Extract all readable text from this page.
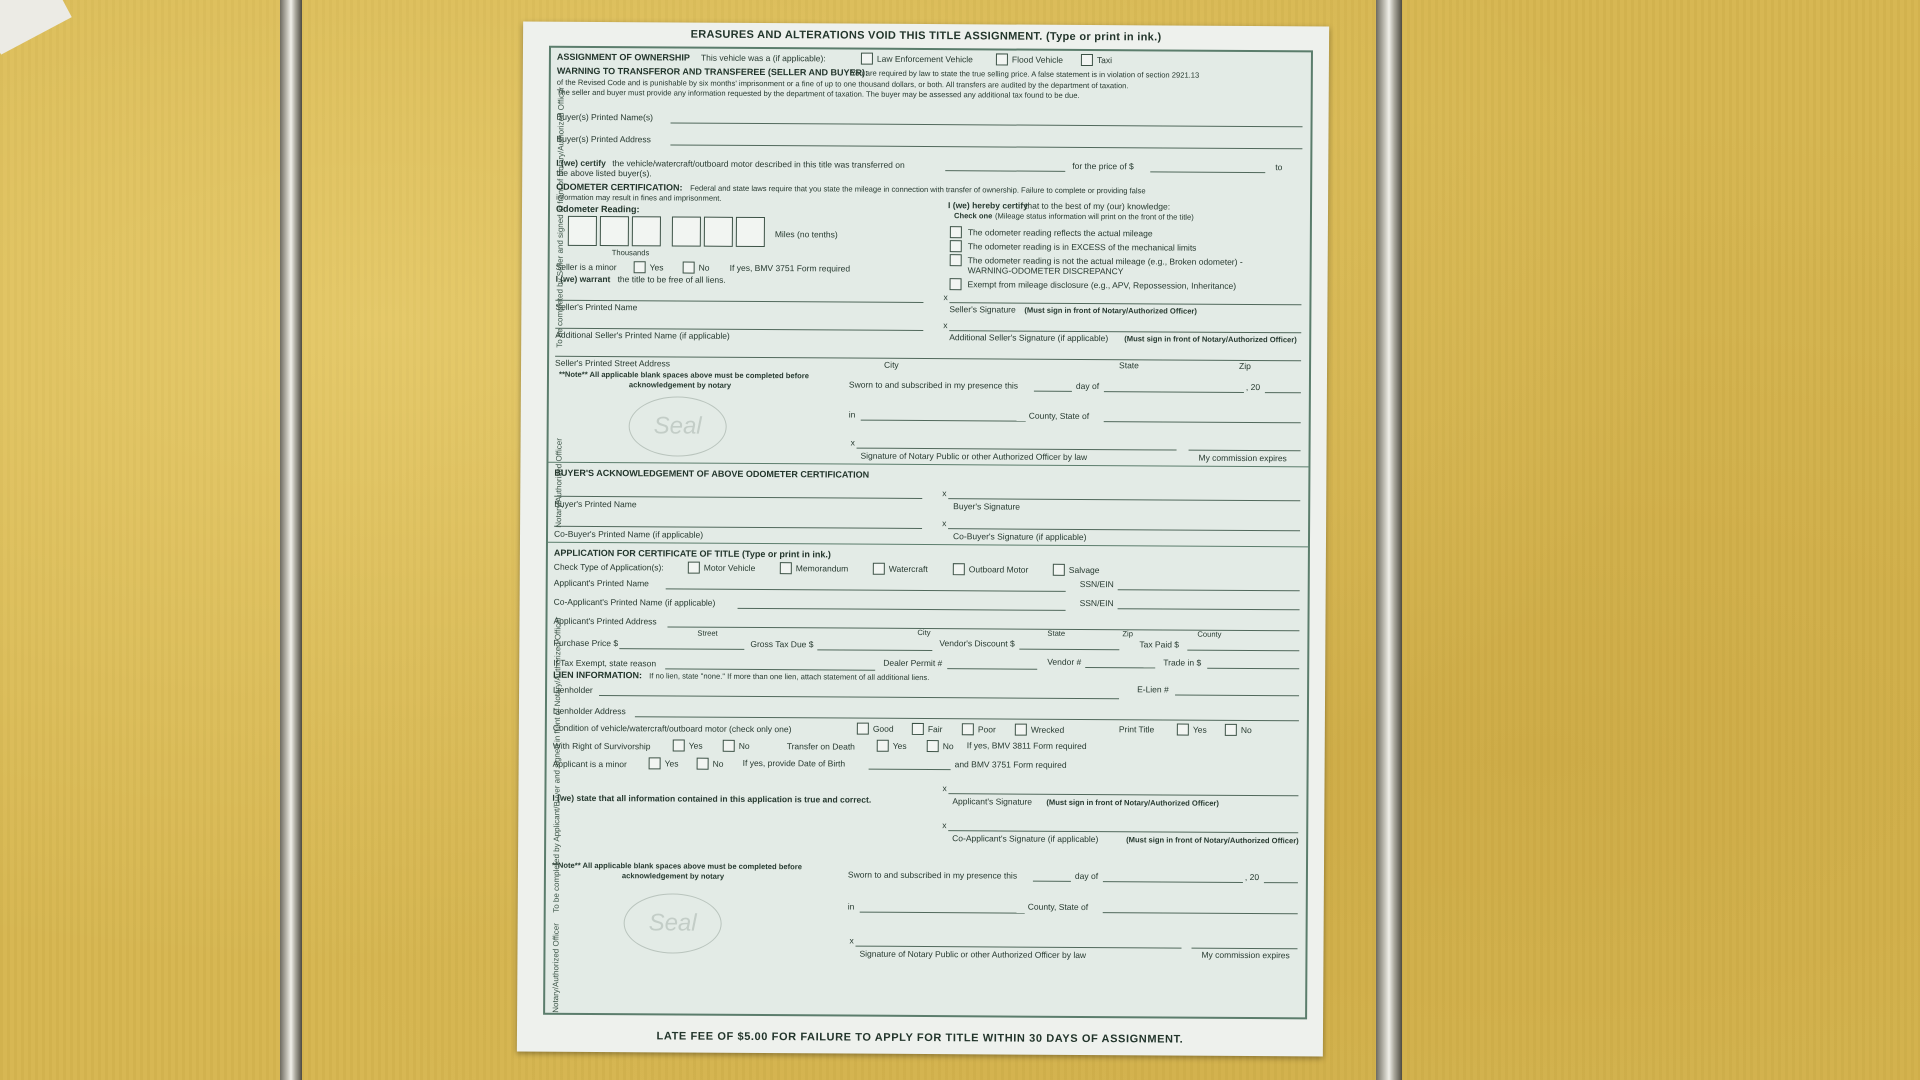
ERASURES AND ALTERATIONS VOID THIS TITLE ASSIGNMENT. (Type or print in ink.)
To be completed by Seller and signed in front of Notary/Authorized Officer
Notary/Authorized Officer
To be completed by Applicant/Buyer and signed in front of Notary/Authorized Officer
Notary/Authorized Officer
ASSIGNMENT OF OWNERSHIP This vehicle was a (if applicable):	Law Enforcement Vehicle	Flood Vehicle	Taxi
WARNING TO TRANSFEROR AND TRANSFEREE (SELLER AND BUYER):
You are required by law to state the true selling price. A false statement is in violation of section 2921.13
of the Revised Code and is punishable by six months' imprisonment or a fine of up to one thousand dollars, or both. All transfers are audited by the department of taxation.
The seller and buyer must provide any information requested by the department of taxation. The buyer may be assessed any additional tax found to be due.
Buyer(s) Printed Name(s)
Buyer(s) Printed Address
I (we) certify the vehicle/watercraft/outboard motor described in this title was transferred on	for the price of $	to
the above listed buyer(s).
ODOMETER CERTIFICATION: Federal and state laws require that you state the mileage in connection with transfer of ownership. Failure to complete or providing false
information may result in fines and imprisonment.
Odometer Reading:
Miles (no tenths)
Thousands
I (we) hereby certify
that to the best of my (our) knowledge:
Check one (Mileage status information will print on the front of the title)
The odometer reading reflects the actual mileage
The odometer reading is in EXCESS of the mechanical limits
The odometer reading is not the actual mileage (e.g., Broken odometer) -
WARNING-ODOMETER DISCREPANCY
Exempt from mileage disclosure (e.g., APV, Repossession, Inheritance)
Seller is a minor	Yes	No If yes, BMV 3751 Form required
I (we) warrant the title to be free of all liens.
Seller's Printed Name
x
Seller's Signature (Must sign in front of Notary/Authorized Officer)
Additional Seller's Printed Name (if applicable)
x
Additional Seller's Signature (if applicable) (Must sign in front of Notary/Authorized Officer)
Seller's Printed Street Address	City	State	Zip
**Note** All applicable blank spaces above must be completed before
acknowledgement by notary
Seal
Sworn to and subscribed in my presence this	day of	, 20
in	County, State of
x
Signature of Notary Public or other Authorized Officer by law	My commission expires
BUYER'S ACKNOWLEDGEMENT OF ABOVE ODOMETER CERTIFICATION
Buyer's Printed Name
x
Buyer's Signature
Co-Buyer's Printed Name (if applicable)
x
Co-Buyer's Signature (if applicable)
APPLICATION FOR CERTIFICATE OF TITLE (Type or print in ink.)
Check Type of Application(s):	Motor Vehicle	Memorandum	Watercraft	Outboard Motor	Salvage
Applicant's Printed Name	SSN/EIN
Co-Applicant's Printed Name (if applicable)	SSN/EIN
Applicant's Printed Address
Street	City	State	Zip	County
Purchase Price $	Gross Tax Due $	Vendor's Discount $	Tax Paid $
If Tax Exempt, state reason	Dealer Permit #	Vendor #	Trade in $
LIEN INFORMATION: If no lien, state "none." If more than one lien, attach statement of all additional liens.
Lienholder	E-Lien #
Lienholder Address
Condition of vehicle/watercraft/outboard motor (check only one)	Good	Fair	Poor	Wrecked	Print Title	Yes	No
With Right of Survivorship	Yes	No	Transfer on Death	Yes	No If yes, BMV 3811 Form required
Applicant is a minor	Yes	No If yes, provide Date of Birth	and BMV 3751 Form required
I (we) state that all information contained in this application is true and correct.
x
Applicant's Signature (Must sign in front of Notary/Authorized Officer)
x
Co-Applicant's Signature (if applicable)	(Must sign in front of Notary/Authorized Officer)
**Note** All applicable blank spaces above must be completed before
acknowledgement by notary
Seal
Sworn to and subscribed in my presence this	day of	, 20
in	County, State of
x
Signature of Notary Public or other Authorized Officer by law	My commission expires
LATE FEE OF $5.00 FOR FAILURE TO APPLY FOR TITLE WITHIN 30 DAYS OF ASSIGNMENT.
